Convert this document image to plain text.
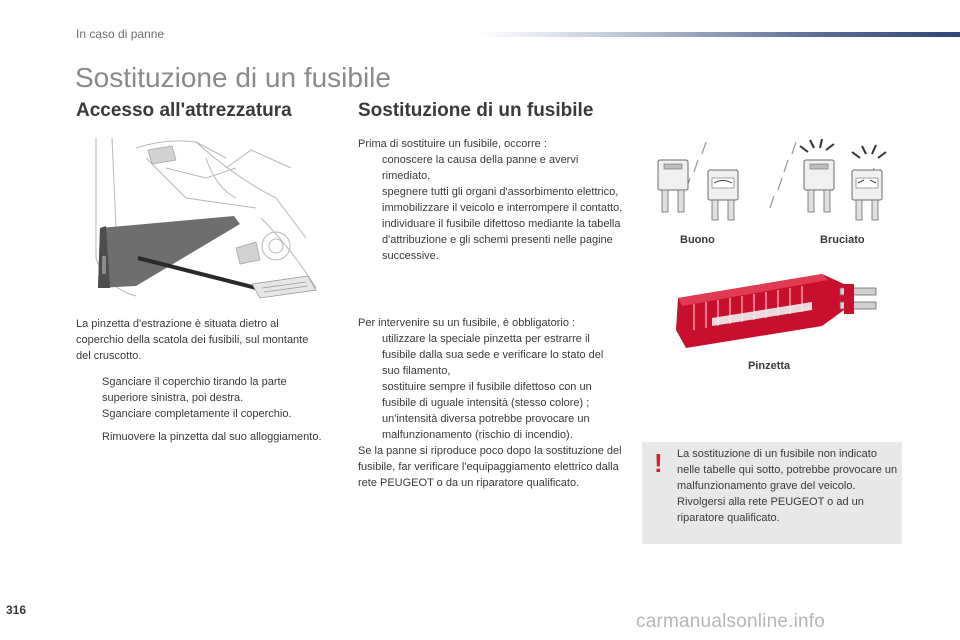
In caso di panne
Sostituzione di un fusibile
Accesso all'attrezzatura

La pinzetta d'estrazione è situata dietro al coperchio della scatola dei fusibili, sul montante del cruscotto.

Sganciare il coperchio tirando la parte superiore sinistra, poi destra.
Sganciare completamente il coperchio.
Rimuovere la pinzetta dal suo alloggiamento.
Sostituzione di un fusibile

Prima di sostituire un fusibile, occorre :

conoscere la causa della panne e avervi rimediato,
spegnere tutti gli organi d'assorbimento elettrico,
immobilizzare il veicolo e interrompere il contatto,
individuare il fusibile difettoso mediante la tabella d'attribuzione e gli schemi presenti nelle pagine successive.

Per intervenire su un fusibile, è obbligatorio :

utilizzare la speciale pinzetta per estrarre il fusibile dalla sua sede e verificare lo stato del suo filamento,
sostituire sempre il fusibile difettoso con un fusibile di uguale intensità (stesso colore) ; un'intensità diversa potrebbe provocare un malfunzionamento (rischio di incendio).

Se la panne si riproduce poco dopo la sostituzione del fusibile, far verificare l'equipaggiamento elettrico dalla rete PEUGEOT o da un riparatore qualificato.

Buono	Bruciato
Pinzetta
! La sostituzione di un fusibile non indicato nelle tabelle qui sotto, potrebbe provocare un malfunzionamento grave del veicolo. Rivolgersi alla rete PEUGEOT o ad un riparatore qualificato.

316
carmanualsonline.info
